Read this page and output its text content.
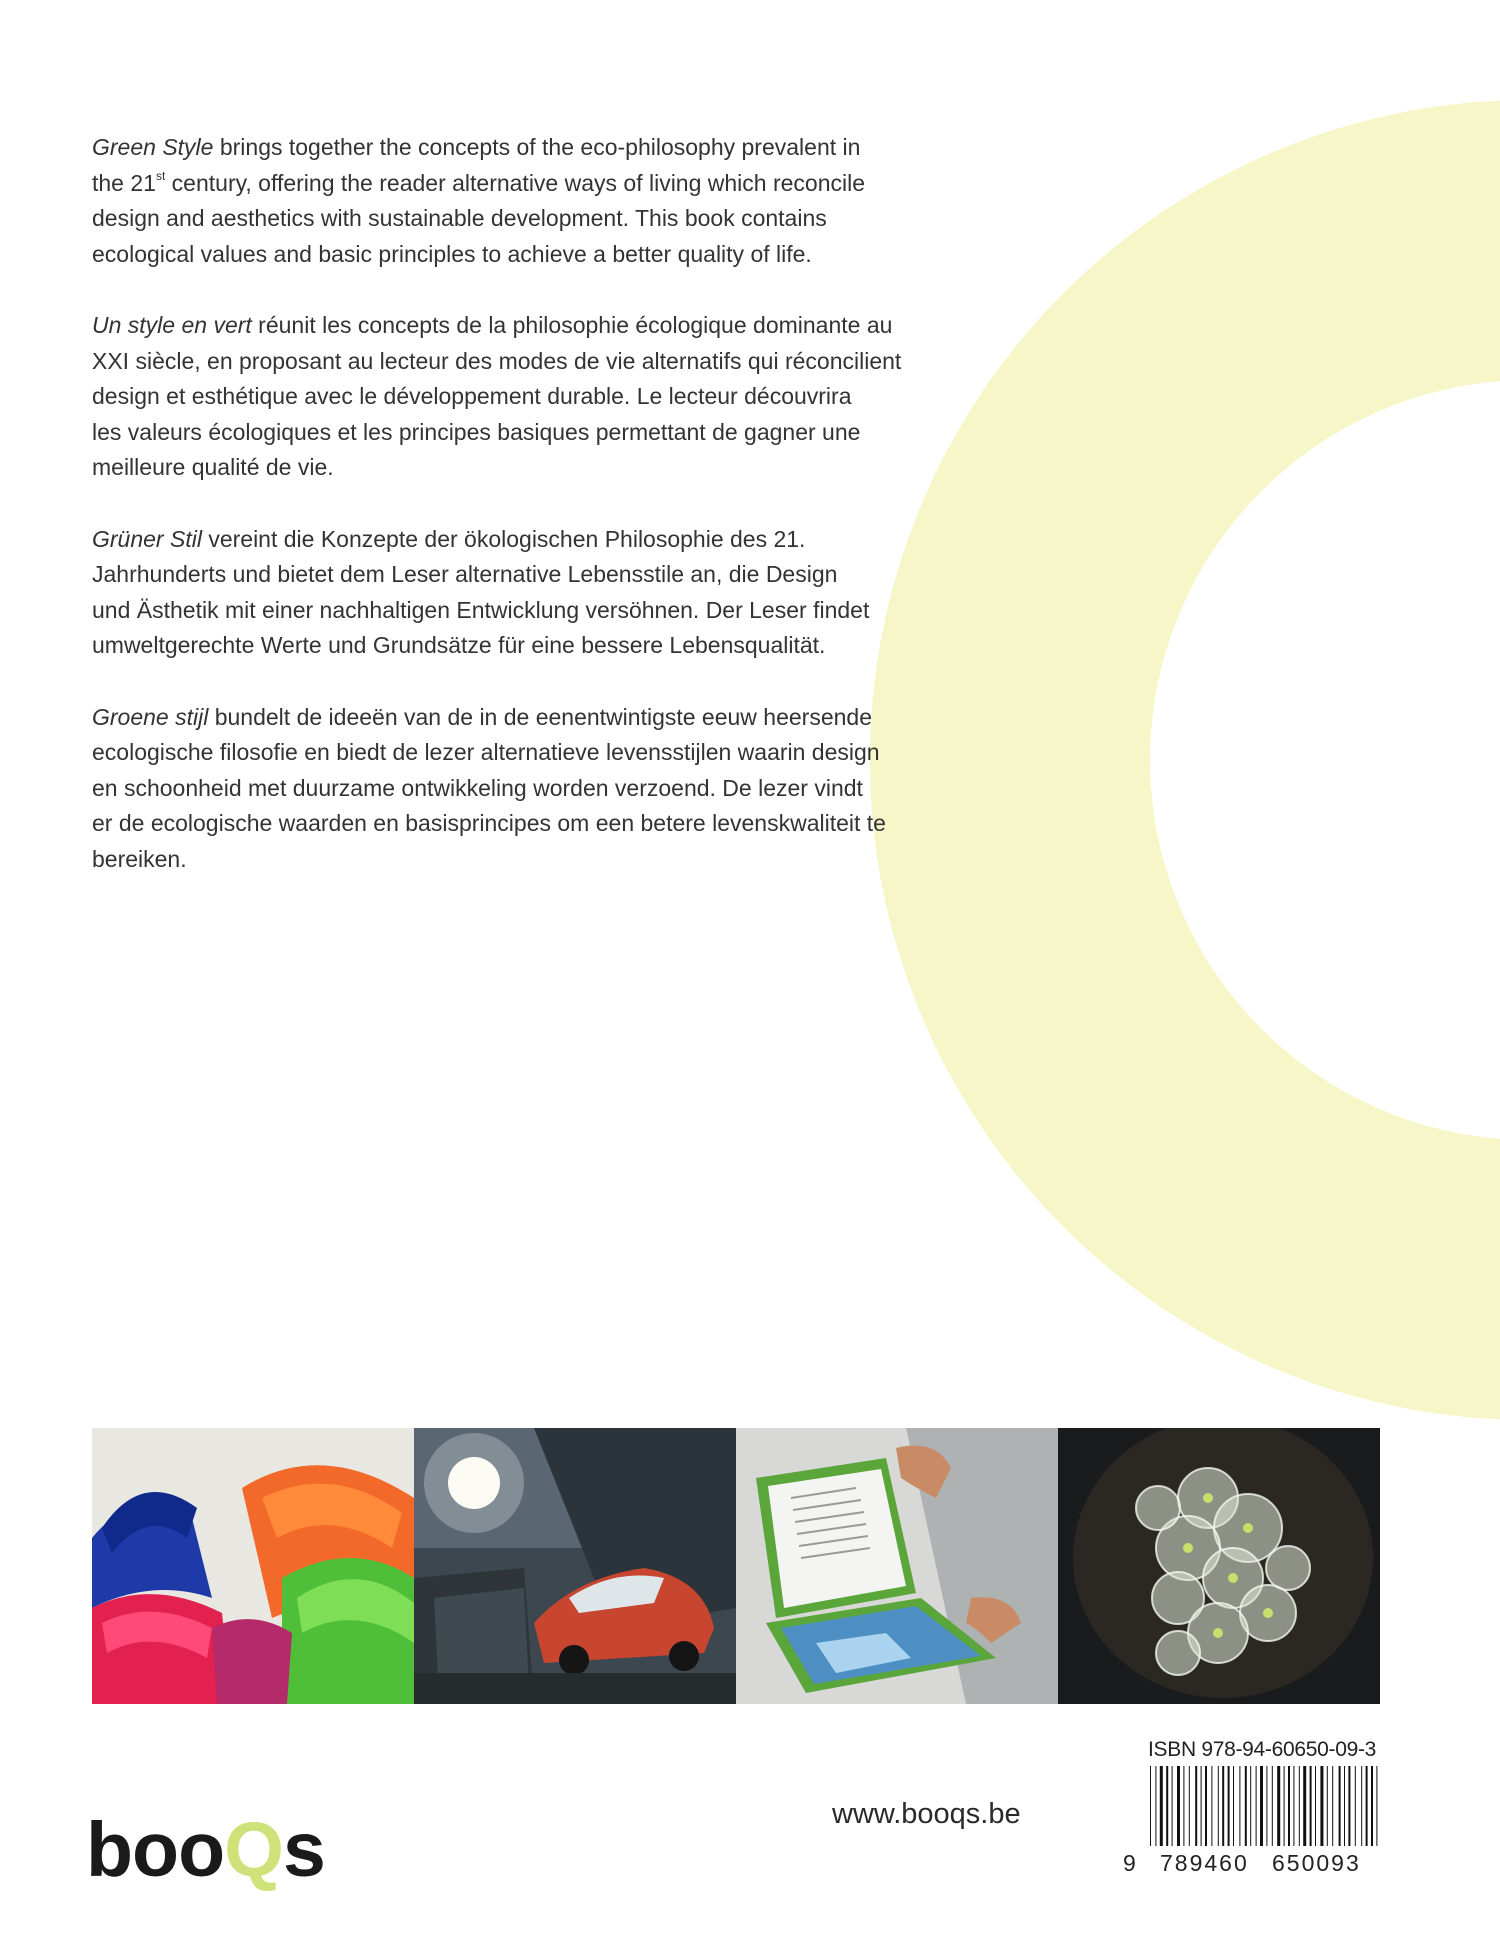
Green Style brings together the concepts of the eco-philosophy prevalent in
the 21st century, offering the reader alternative ways of living which reconcile
design and aesthetics with sustainable development. This book contains
ecological values and basic principles to achieve a better quality of life.

Un style en vert réunit les concepts de la philosophie écologique dominante au
XXI siècle, en proposant au lecteur des modes de vie alternatifs qui réconcilient
design et esthétique avec le développement durable. Le lecteur découvrira
les valeurs écologiques et les principes basiques permettant de gagner une
meilleure qualité de vie.

Grüner Stil vereint die Konzepte der ökologischen Philosophie des 21.
Jahrhunderts und bietet dem Leser alternative Lebensstile an, die Design
und Ästhetik mit einer nachhaltigen Entwicklung versöhnen. Der Leser findet
umweltgerechte Werte und Grundsätze für eine bessere Lebensqualität.

Groene stijl bundelt de ideeën van de in de eenentwintigste eeuw heersende
ecologische filosofie en biedt de lezer alternatieve levensstijlen waarin design
en schoonheid met duurzame ontwikkeling worden verzoend. De lezer vindt
er de ecologische waarden en basisprincipes om een betere levenskwaliteit te
bereiken.

booQs	www.booqs.be
ISBN 978-94-60650-09-3
9 789460 650093
